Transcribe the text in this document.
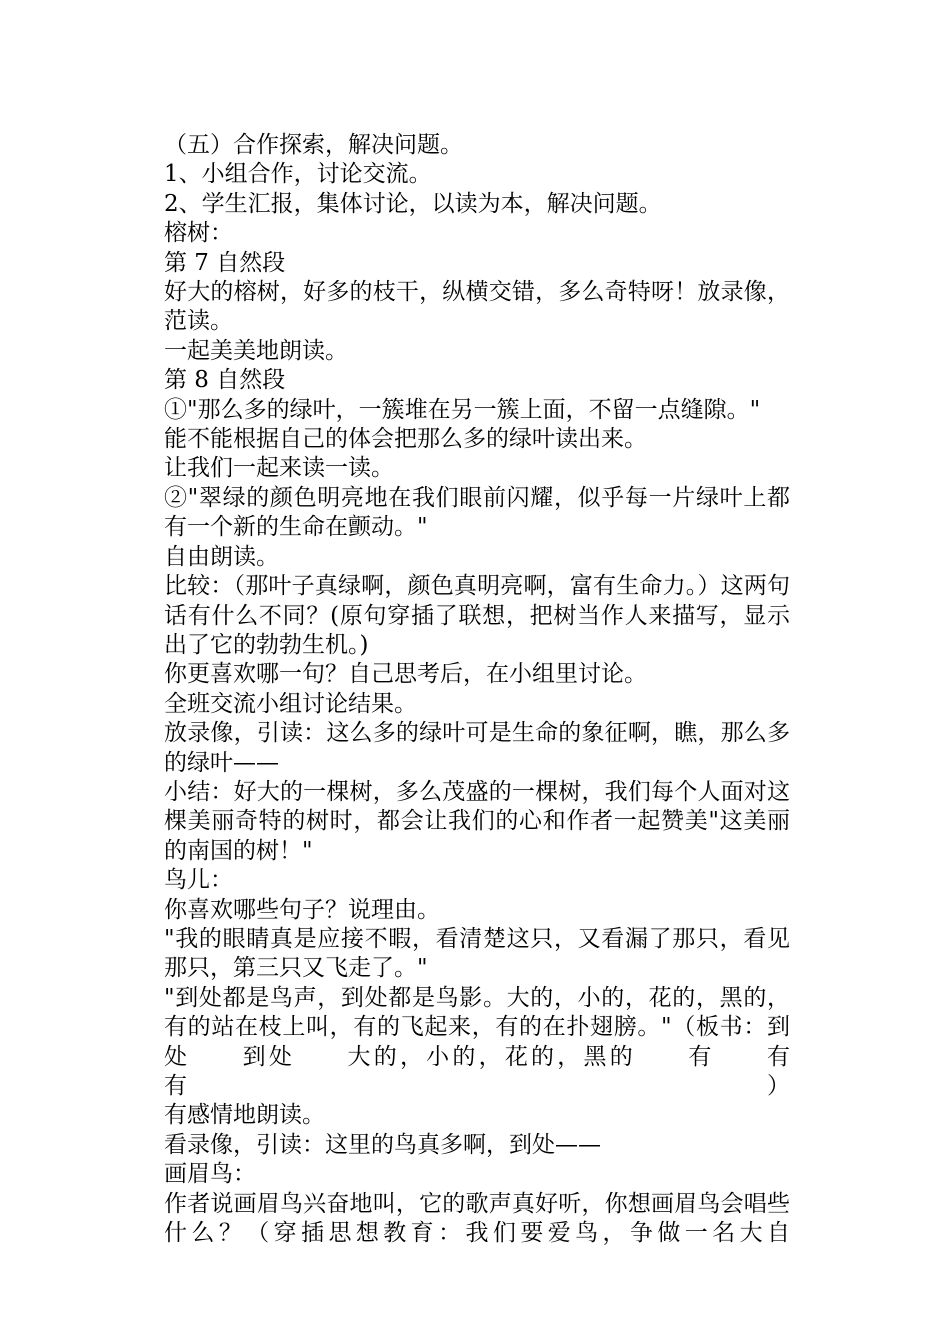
（五）合作探索，解决问题。

1、小组合作，讨论交流。

2、学生汇报，集体讨论，以读为本，解决问题。

榕树：

第 7 自然段

好大的榕树，好多的枝干，纵横交错，多么奇特呀！放录像，范读。

一起美美地朗读。

第 8 自然段

①"那么多的绿叶，一簇堆在另一簇上面，不留一点缝隙。"

能不能根据自己的体会把那么多的绿叶读出来。

让我们一起来读一读。

②"翠绿的颜色明亮地在我们眼前闪耀，似乎每一片绿叶上都有一个新的生命在颤动。"

自由朗读。

比较：（那叶子真绿啊，颜色真明亮啊，富有生命力。）这两句话有什么不同？(原句穿插了联想，把树当作人来描写，显示出了它的勃勃生机。)

你更喜欢哪一句？自己思考后，在小组里讨论。

全班交流小组讨论结果。

放录像，引读：这么多的绿叶可是生命的象征啊，瞧，那么多的绿叶——

小结：好大的一棵树，多么茂盛的一棵树，我们每个人面对这棵美丽奇特的树时，都会让我们的心和作者一起赞美"这美丽的南国的树！"

鸟儿：

你喜欢哪些句子？说理由。

"我的眼睛真是应接不暇，看清楚这只，又看漏了那只，看见那只，第三只又飞走了。"

"到处都是鸟声，到处都是鸟影。大的，小的，花的，黑的，有的站在枝上叫，有的飞起来，有的在扑翅膀。"（板书：到处　　到处　　大的，小的，花的，黑的　　有　　有　　有）

有感情地朗读。

看录像，引读：这里的鸟真多啊，到处——

画眉鸟：

作者说画眉鸟兴奋地叫，它的歌声真好听，你想画眉鸟会唱些什么？（穿插思想教育：我们要爱鸟，争做一名大自
